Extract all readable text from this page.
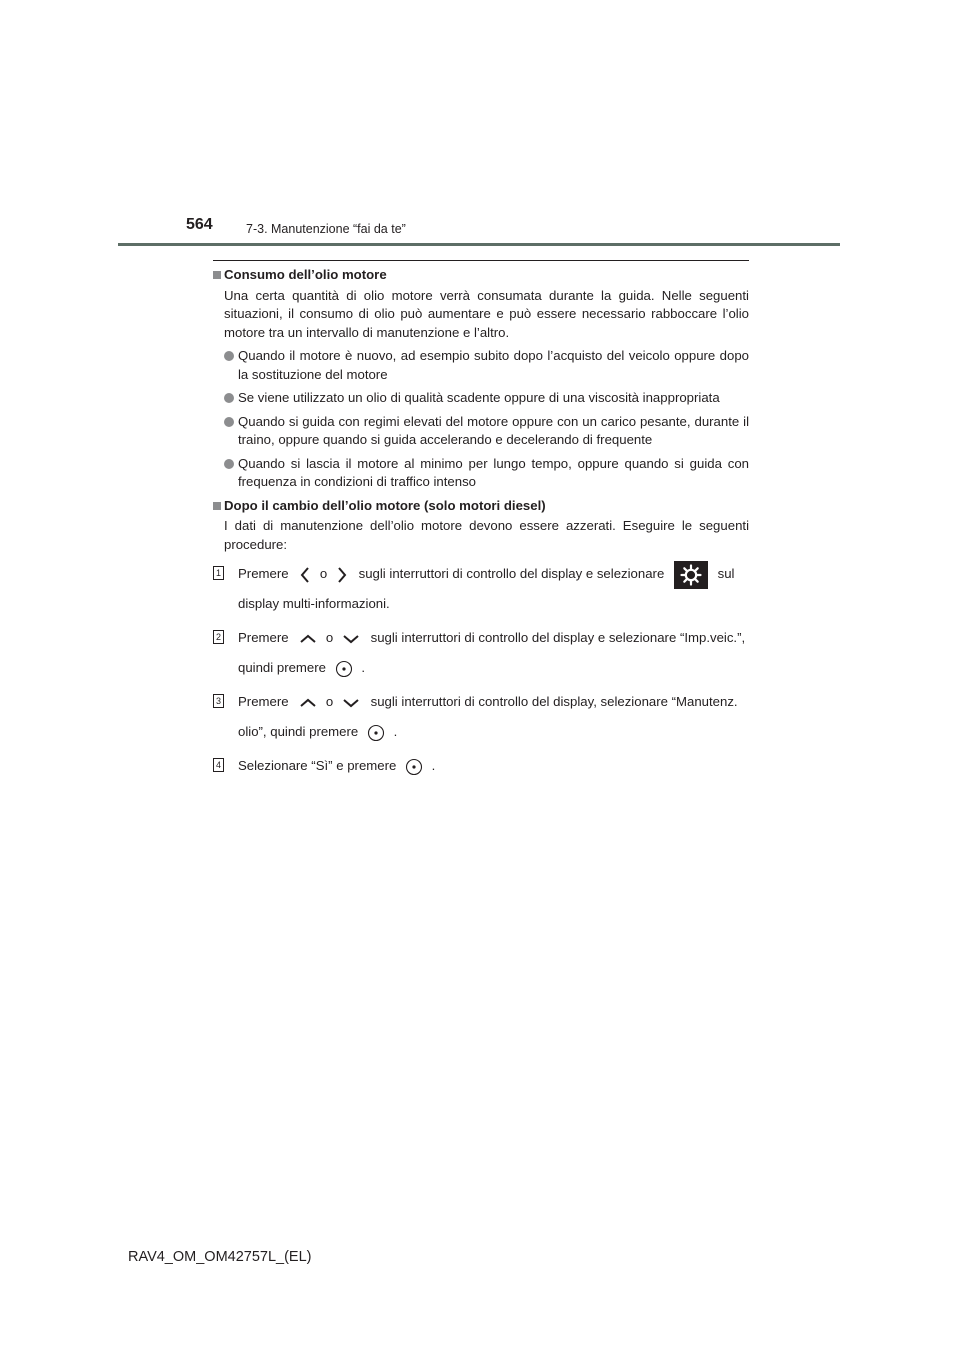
564	7-3. Manutenzione “fai da te”
Consumo dell’olio motore
Una certa quantità di olio motore verrà consumata durante la guida. Nelle seguenti situazioni, il consumo di olio può aumentare e può essere necessario rabboccare l’olio motore tra un intervallo di manutenzione e l’altro.
Quando il motore è nuovo, ad esempio subito dopo l’acquisto del veicolo oppure dopo la sostituzione del motore
Se viene utilizzato un olio di qualità scadente oppure di una viscosità inappropriata
Quando si guida con regimi elevati del motore oppure con un carico pesante, durante il traino, oppure quando si guida accelerando e decelerando di frequente
Quando si lascia il motore al minimo per lungo tempo, oppure quando si guida con frequenza in condizioni di traffico intenso
Dopo il cambio dell’olio motore (solo motori diesel)
I dati di manutenzione dell’olio motore devono essere azzerati. Eseguire le seguenti procedure:
1 Premere o sugli interruttori di controllo del display e selezionare	sul
display multi-informazioni.
2 Premere	o	sugli interruttori di controllo del display e selezionare “Imp.veic.”,
quindi premere	.
3 Premere	o	sugli interruttori di controllo del display, selezionare “Manutenz.
olio”, quindi premere	.
4 Selezionare “Sì” e premere	.
RAV4_OM_OM42757L_(EL)
